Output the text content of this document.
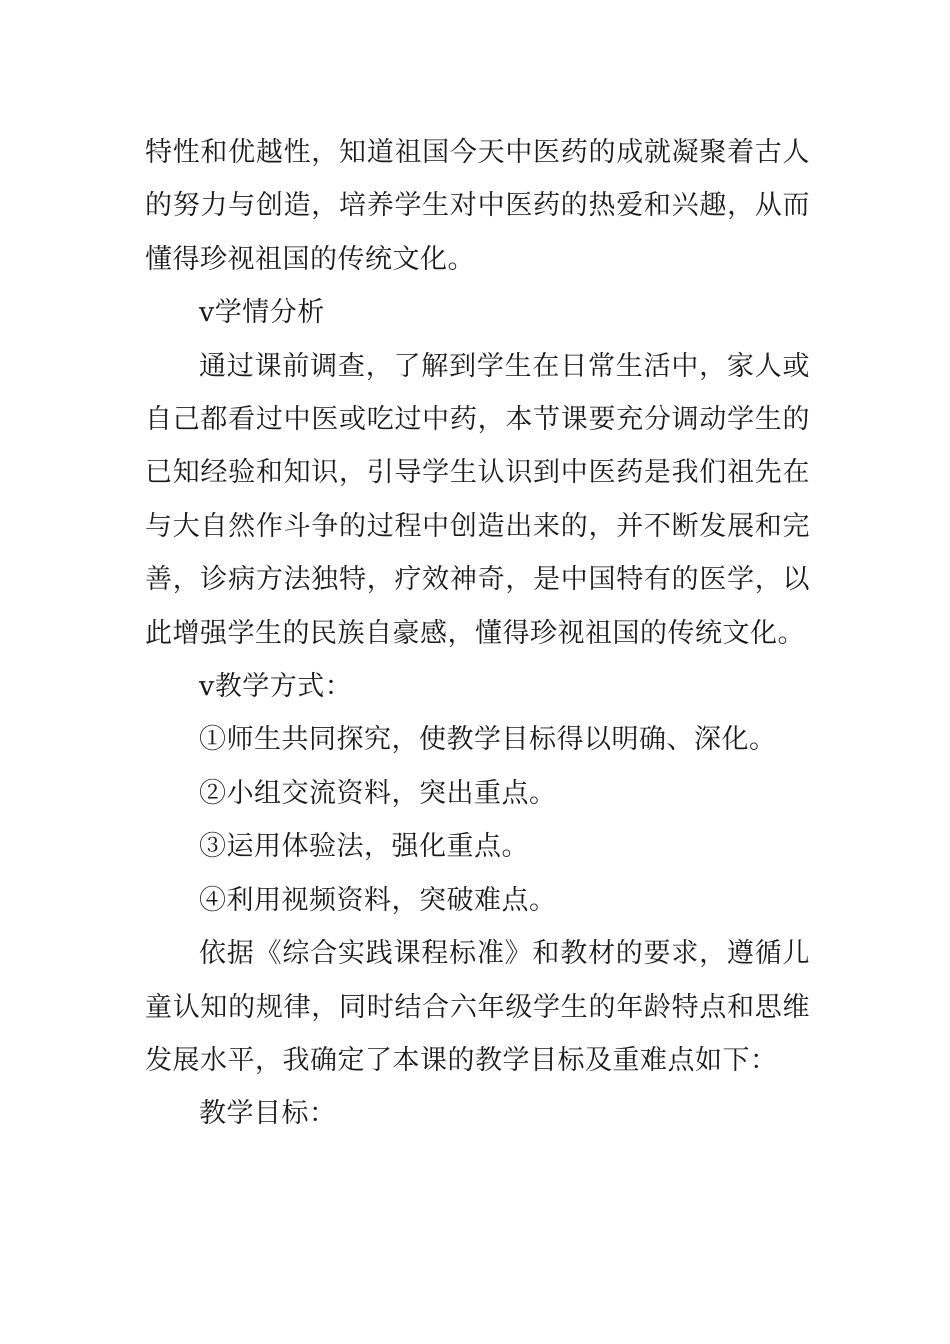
特性和优越性，知道祖国今天中医药的成就凝聚着古人的努力与创造，培养学生对中医药的热爱和兴趣，从而懂得珍视祖国的传统文化。

v学情分析

通过课前调查，了解到学生在日常生活中，家人或自己都看过中医或吃过中药，本节课要充分调动学生的已知经验和知识，引导学生认识到中医药是我们祖先在与大自然作斗争的过程中创造出来的，并不断发展和完善，诊病方法独特，疗效神奇，是中国特有的医学，以此增强学生的民族自豪感，懂得珍视祖国的传统文化。

v教学方式：

①师生共同探究，使教学目标得以明确、深化。

②小组交流资料，突出重点。

③运用体验法，强化重点。

④利用视频资料，突破难点。

依据《综合实践课程标准》和教材的要求，遵循儿童认知的规律，同时结合六年级学生的年龄特点和思维发展水平，我确定了本课的教学目标及重难点如下：

教学目标：
